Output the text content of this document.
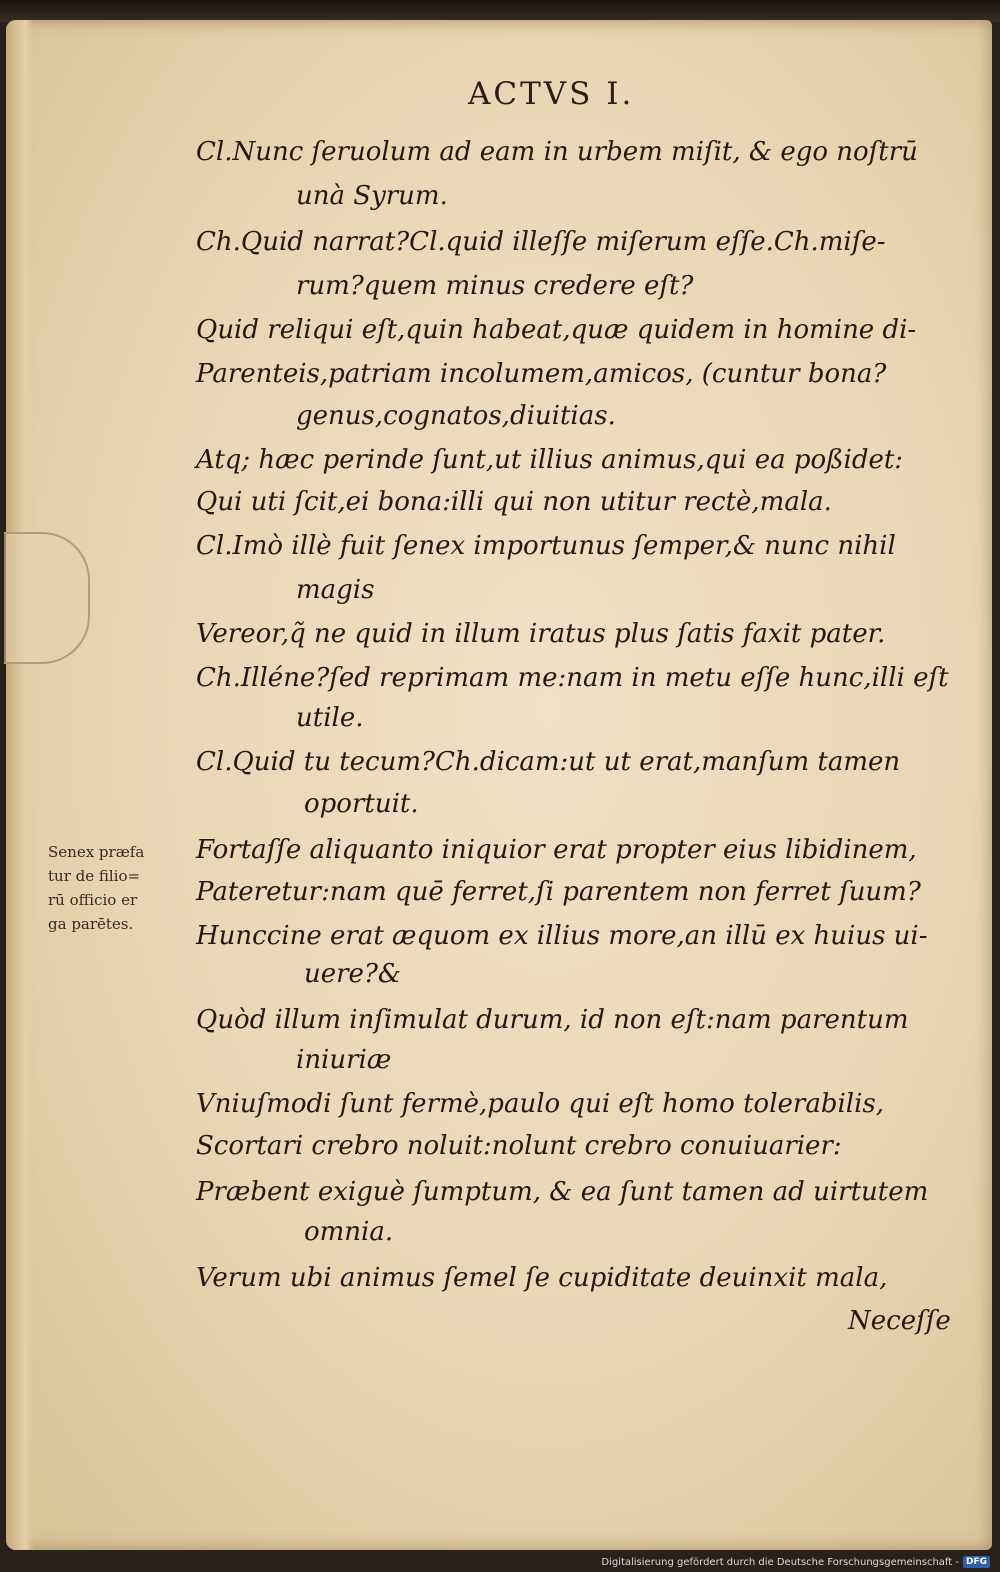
ACTVS I.
Cl.Nunc ſeruolum ad eam in urbem miſit, & ego noſtrū
unà Syrum.
Ch.Quid narrat?Cl.quid illeſſe miſerum eſſe.Ch.miſe-
rum?quem minus credere eſt?
Quid reliqui eſt,quin habeat,quæ quidem in homine di-
Parenteis,patriam incolumem,amicos, (cuntur bona?
genus,cognatos,diuitias.
Atq; hæc perinde ſunt,ut illius animus,qui ea poßidet:
Qui uti ſcit,ei bona:illi qui non utitur rectè,mala.
Cl.Imò illè fuit ſenex importunus ſemper,& nunc nihil
magis
Vereor,q̃ ne quid in illum iratus plus ſatis faxit pater.
Ch.Illéne?ſed reprimam me:nam in metu eſſe hunc,illi eſt
utile.
Cl.Quid tu tecum?Ch.dicam:ut ut erat,manſum tamen
oportuit.
Fortaſſe aliquanto iniquior erat propter eius libidinem,
Pateretur:nam quē ferret,ſi parentem non ferret ſuum?
Hunccine erat æquom ex illius more,an illū ex huius ui-
uere?&
Quòd illum inſimulat durum, id non eſt:nam parentum
iniuriæ
Vniuſmodi ſunt fermè,paulo qui eſt homo tolerabilis,
Scortari crebro noluit:nolunt crebro conuiuarier:
Præbent exiguè ſumptum, & ea ſunt tamen ad uirtutem
omnia.
Verum ubi animus ſemel ſe cupiditate deuinxit mala,
Neceſſe
Senex præfa
tur de filio=
rū officio er
ga parētes.
Digitalisierung gefördert durch die Deutsche Forschungsgemeinschaft - DFG
